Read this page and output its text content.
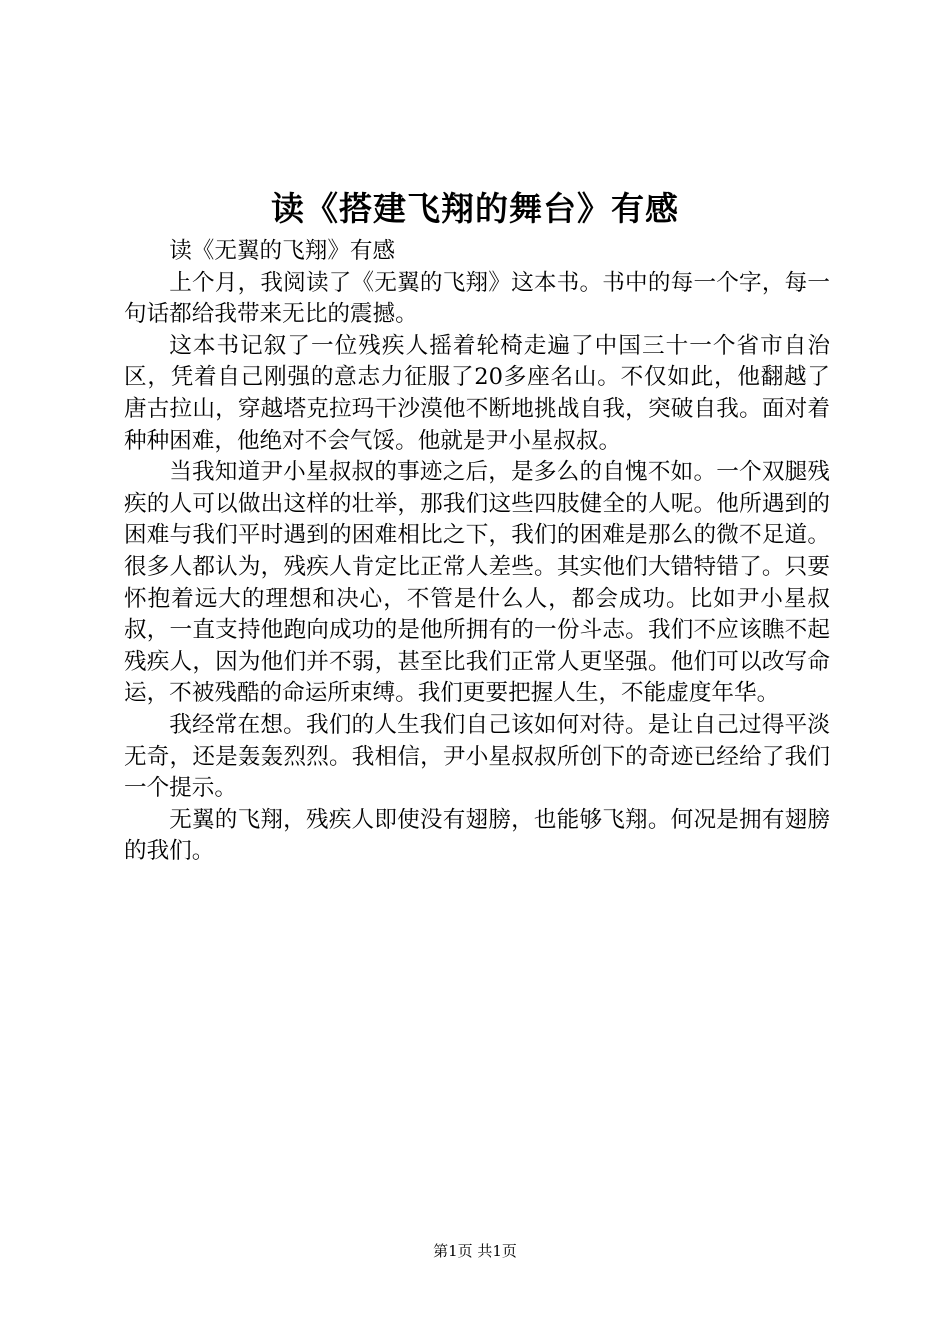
读《搭建飞翔的舞台》有感

读《无翼的飞翔》有感

上个月，我阅读了《无翼的飞翔》这本书。书中的每一个字，每一句话都给我带来无比的震撼。

这本书记叙了一位残疾人摇着轮椅走遍了中国三十一个省市自治区，凭着自己刚强的意志力征服了20多座名山。不仅如此，他翻越了唐古拉山，穿越塔克拉玛干沙漠他不断地挑战自我，突破自我。面对着种种困难，他绝对不会气馁。他就是尹小星叔叔。

当我知道尹小星叔叔的事迹之后，是多么的自愧不如。一个双腿残疾的人可以做出这样的壮举，那我们这些四肢健全的人呢。他所遇到的困难与我们平时遇到的困难相比之下，我们的困难是那么的微不足道。很多人都认为，残疾人肯定比正常人差些。其实他们大错特错了。只要怀抱着远大的理想和决心，不管是什么人，都会成功。比如尹小星叔叔，一直支持他跑向成功的是他所拥有的一份斗志。我们不应该瞧不起残疾人，因为他们并不弱，甚至比我们正常人更坚强。他们可以改写命运，不被残酷的命运所束缚。我们更要把握人生，不能虚度年华。

我经常在想。我们的人生我们自己该如何对待。是让自己过得平淡无奇，还是轰轰烈烈。我相信，尹小星叔叔所创下的奇迹已经给了我们一个提示。

无翼的飞翔，残疾人即使没有翅膀，也能够飞翔。何况是拥有翅膀的我们。

第1页 共1页
